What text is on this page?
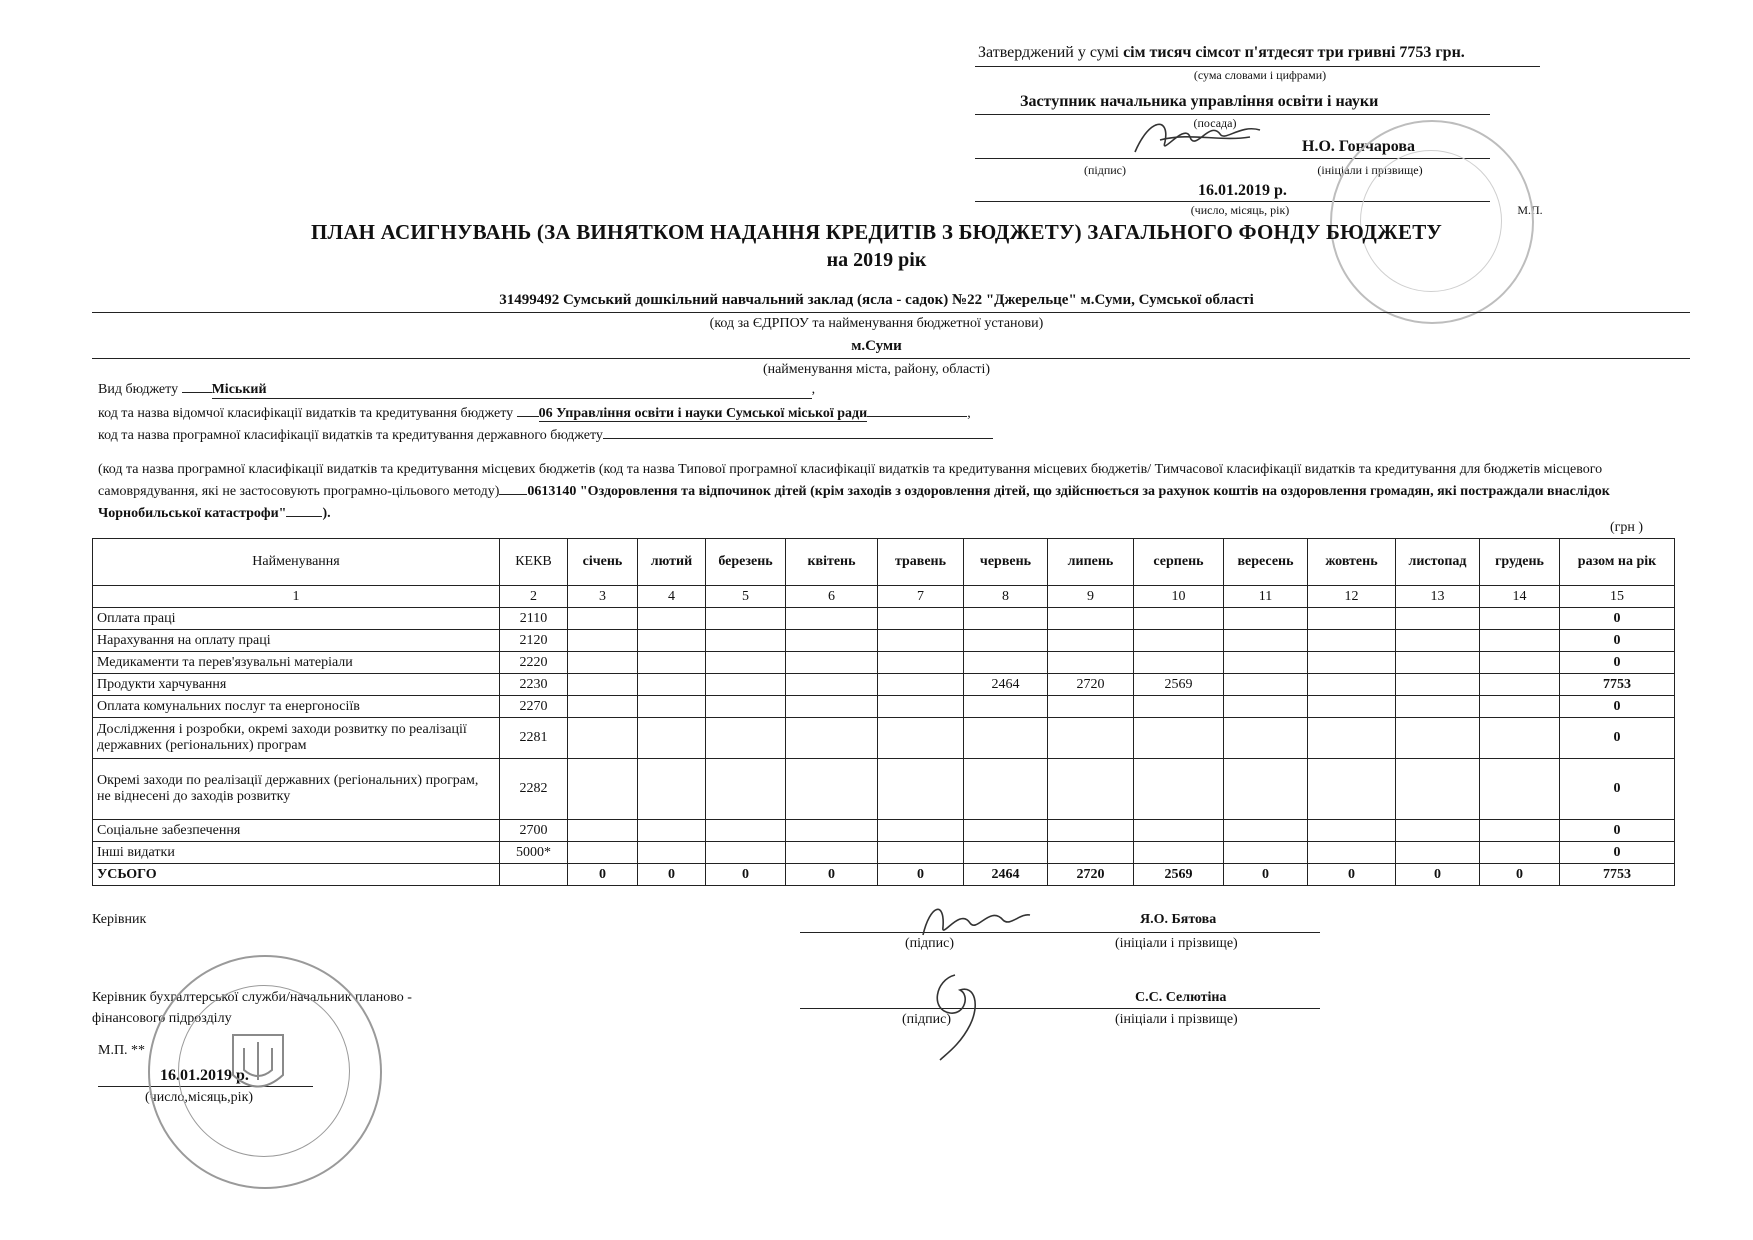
Затверджений у сумі сім тисяч сімсот п'ятдесят три гривні 7753 грн.
(сума словами і цифрами)
Заступник начальника управління освіти і науки
(посада)
Н.О. Гончарова
(підпис)	(ініціали і прізвище)
16.01.2019 р.
(число, місяць, рік)	М.П.
ПЛАН АСИГНУВАНЬ (ЗА ВИНЯТКОМ НАДАННЯ КРЕДИТІВ З БЮДЖЕТУ) ЗАГАЛЬНОГО ФОНДУ БЮДЖЕТУ
на 2019 рік
31499492 Сумський дошкільний навчальний заклад (ясла - садок) №22 "Джерельце" м.Суми, Сумської області
(код за ЄДРПОУ та найменування бюджетної установи)
м.Суми
(найменування міста, району, області)
Вид бюджету Міський	,
код та назва відомчої класифікації видатків та кредитування бюджету 06 Управління освіти і науки Сумської міської ради	,
код та назва програмної класифікації видатків та кредитування державного бюджету
(код та назва програмної класифікації видатків та кредитування місцевих бюджетів (код та назва Типової програмної класифікації видатків та кредитування місцевих бюджетів/ Тимчасової класифікації видатків та кредитування для бюджетів місцевого самоврядування, які не застосовують програмно-цільового методу) 0613140 "Оздоровлення та відпочинок дітей (крім заходів з оздоровлення дітей, що здійснюється за рахунок коштів на оздоровлення громадян, які постраждали внаслідок Чорнобильської катастрофи"	).
(грн )
Найменування	КЕКВ	січень	лютий	березень	квітень	травень	червень	липень	серпень	вересень	жовтень	листопад	грудень	разом на рік
1	2	3	4	5	6	7	8	9	10	11	12	13	14	15
Оплата праці	2110													0
Нарахування на оплату праці	2120													0
Медикаменти та перев'язувальні матеріали	2220													0
Продукти харчування	2230						2464	2720	2569					7753
Оплата комунальних послуг та енергоносіїв	2270													0
Дослідження і розробки, окремі заходи розвитку по реалізації державних (регіональних) програм	2281													0
Окремі заходи по реалізації державних (регіональних) програм, не віднесені до заходів розвитку	2282													0
Соціальне забезпечення	2700													0
Інші видатки	5000*													0
УСЬОГО		0	0	0	0	0	2464	2720	2569	0	0	0	0	7753
Керівник	Я.О. Бятова
(підпис)	(ініціали і прізвище)
Керівник бухгалтерської служби/начальник планово -
фінансового підрозділу
С.С. Селютіна
(підпис)	(ініціали і прізвище)
М.П. **
16.01.2019 р.
(число,місяць,рік)
